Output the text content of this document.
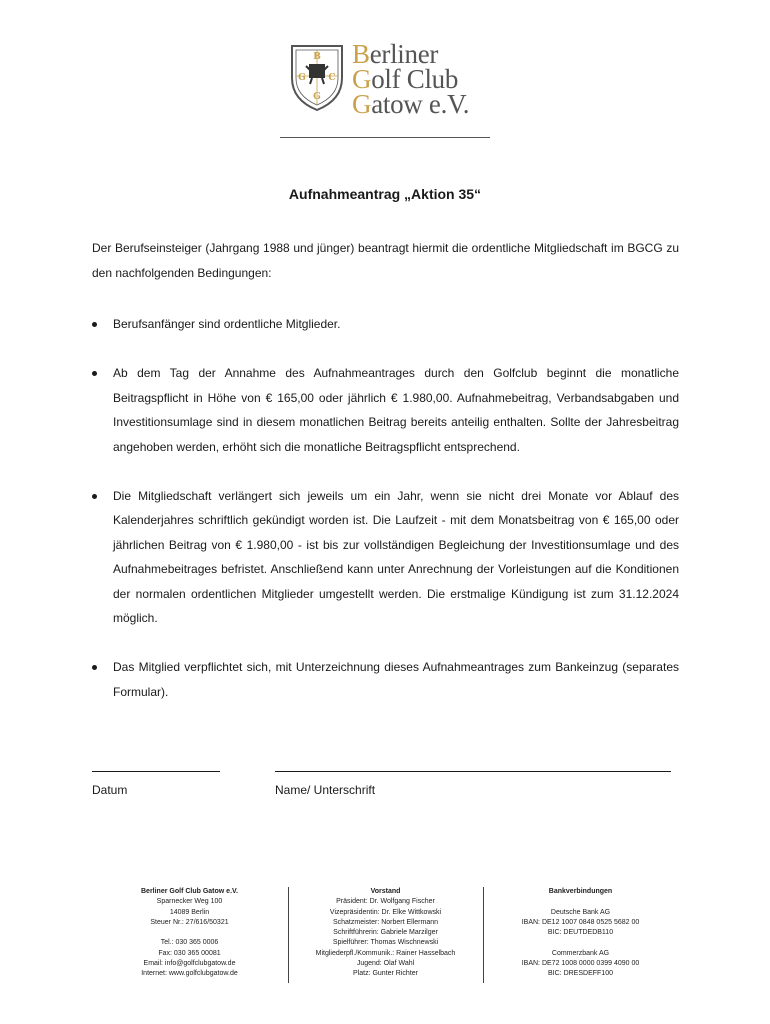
B
G	C
G
Berliner
Golf Club
Gatow e.V.
Aufnahmeantrag „Aktion 35“
Der Berufseinsteiger (Jahrgang 1988 und jünger) beantragt hiermit die ordentliche Mitgliedschaft im BGCG zu den nachfolgenden Bedingungen:
Berufsanfänger sind ordentliche Mitglieder.
Ab dem Tag der Annahme des Aufnahmeantrages durch den Golfclub beginnt die monatliche Beitragspflicht in Höhe von € 165,00 oder jährlich € 1.980,00. Aufnahmebeitrag, Verbandsabgaben und Investitionsumlage sind in diesem monatlichen Beitrag bereits anteilig enthalten. Sollte der Jahresbeitrag angehoben werden, erhöht sich die monatliche Beitragspflicht entsprechend.
Die Mitgliedschaft verlängert sich jeweils um ein Jahr, wenn sie nicht drei Monate vor Ablauf des Kalenderjahres schriftlich gekündigt worden ist. Die Laufzeit - mit dem Monatsbeitrag von € 165,00 oder jährlichen Beitrag von € 1.980,00 - ist bis zur vollständigen Begleichung der Investitionsumlage und des Aufnahmebeitrages befristet. Anschließend kann unter Anrechnung der Vorleistungen auf die Konditionen der normalen ordentlichen Mitglieder umgestellt werden. Die erstmalige Kündigung ist zum 31.12.2024 möglich.
Das Mitglied verpflichtet sich, mit Unterzeichnung dieses Aufnahmeantrages zum Bankeinzug (separates Formular).
Datum	Name/ Unterschrift
Berliner Golf Club Gatow e.V.
Sparnecker Weg 100
14089 Berlin
Steuer Nr.: 27/616/50321

Tel.: 030 365 0006
Fax: 030 365 00081
Email: info@golfclubgatow.de
Internet: www.golfclubgatow.de
Vorstand
Präsident: Dr. Wolfgang Fischer
Vizepräsidentin: Dr. Elke Wittkowski
Schatzmeister: Norbert Ellermann
Schriftführerin: Gabriele Marzilger
Spielführer: Thomas Wischnewski
Mitgliederpfl./Kommunik.: Rainer Hasselbach
Jugend: Olaf Wahl
Platz: Gunter Richter
Bankverbindungen

Deutsche Bank AG
IBAN: DE12 1007 0848 0525 5682 00
BIC: DEUTDEDB110

Commerzbank AG
IBAN: DE72 1008 0000 0399 4090 00
BIC: DRESDEFF100
